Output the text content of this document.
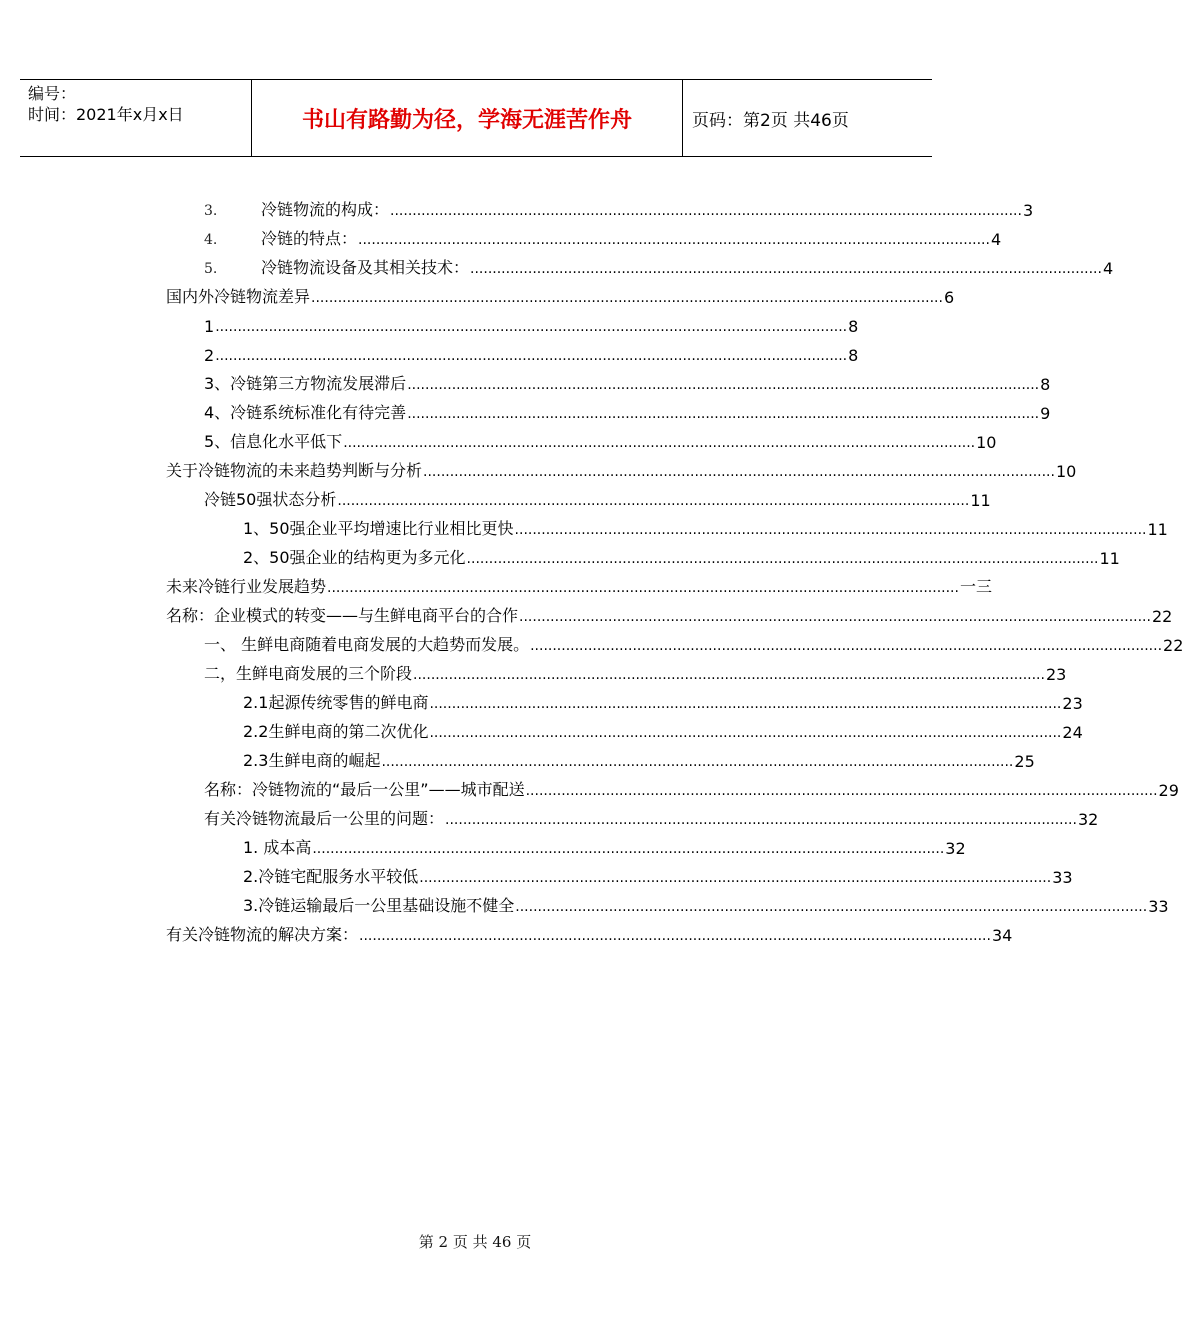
编号：
时间：2021年x月x日	书山有路勤为径，学海无涯苦作舟	页码：第2页 共46页
3.	冷链物流的构成： .............................................................................................................................................. 3
4.	冷链的特点： .............................................................................................................................................. 4
5.	冷链物流设备及其相关技术： .............................................................................................................................................. 4
国内外冷链物流差异 .............................................................................................................................................. 6
1 .............................................................................................................................................. 8
2 .............................................................................................................................................. 8
3、冷链第三方物流发展滞后 .............................................................................................................................................. 8
4、冷链系统标准化有待完善 .............................................................................................................................................. 9
5、信息化水平低下 .............................................................................................................................................. 10
关于冷链物流的未来趋势判断与分析 .............................................................................................................................................. 10
冷链50强状态分析 .............................................................................................................................................. 11
1、50强企业平均增速比行业相比更快 .............................................................................................................................................. 11
2、50强企业的结构更为多元化 .............................................................................................................................................. 11
未来冷链行业发展趋势 .............................................................................................................................................. 一三
名称：企业模式的转变——与生鲜电商平台的合作 .............................................................................................................................................. 22
一、 生鲜电商随着电商发展的大趋势而发展。 .............................................................................................................................................. 22
二，生鲜电商发展的三个阶段 .............................................................................................................................................. 23
2.1起源传统零售的鲜电商 .............................................................................................................................................. 23
2.2生鲜电商的第二次优化 .............................................................................................................................................. 24
2.3生鲜电商的崛起 .............................................................................................................................................. 25
名称：冷链物流的“最后一公里”——城市配送 .............................................................................................................................................. 29
有关冷链物流最后一公里的问题： .............................................................................................................................................. 32
1. 成本高 .............................................................................................................................................. 32
2.冷链宅配服务水平较低 .............................................................................................................................................. 33
3.冷链运输最后一公里基础设施不健全 .............................................................................................................................................. 33
有关冷链物流的解决方案： .............................................................................................................................................. 34
第 2 页 共 46 页
